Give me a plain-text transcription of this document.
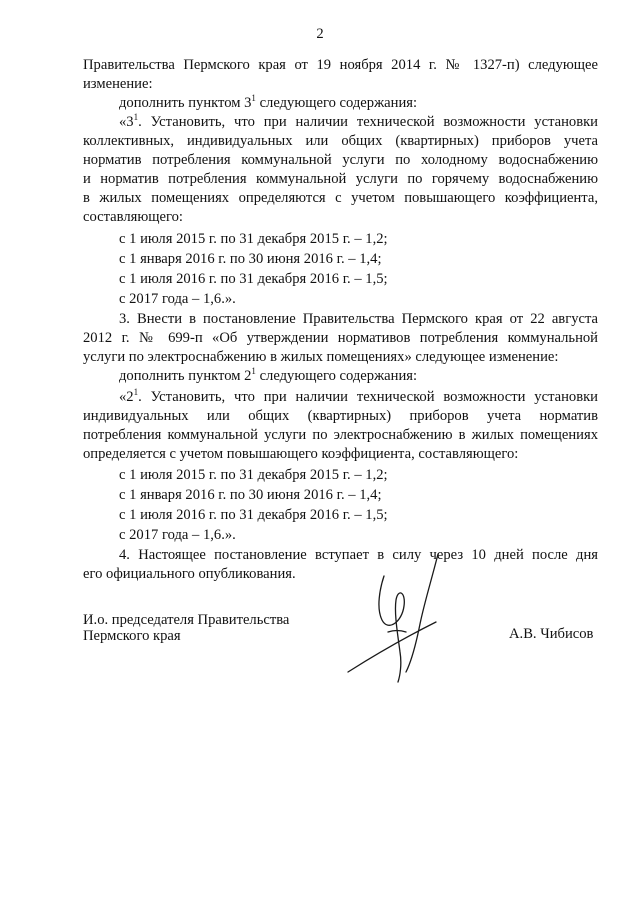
2
Правительства Пермского края от 19 ноября 2014 г. № 1327-п) следующее
изменение:
дополнить пунктом $3^1$ следующего содержания:
«$3^1$. Установить, что при наличии технической возможности установки
коллективных, индивидуальных или общих (квартирных) приборов учета
норматив потребления коммунальной услуги по холодному водоснабжению
и норматив потребления коммунальной услуги по горячему водоснабжению
в жилых помещениях определяются с учетом повышающего коэффициента,
составляющего:
с 1 июля 2015 г. по 31 декабря 2015 г. – 1,2;
с 1 января 2016 г. по 30 июня 2016 г. – 1,4;
с 1 июля 2016 г. по 31 декабря 2016 г. – 1,5;
с 2017 года – 1,6.».
3. Внести в постановление Правительства Пермского края от 22 августа
2012 г. № 699-п «Об утверждении нормативов потребления коммунальной
услуги по электроснабжению в жилых помещениях» следующее изменение:
дополнить пунктом $2^1$ следующего содержания:
«$2^1$. Установить, что при наличии технической возможности установки
индивидуальных или общих (квартирных) приборов учета норматив
потребления коммунальной услуги по электроснабжению в жилых помещениях
определяется с учетом повышающего коэффициента, составляющего:
с 1 июля 2015 г. по 31 декабря 2015 г. – 1,2;
с 1 января 2016 г. по 30 июня 2016 г. – 1,4;
с 1 июля 2016 г. по 31 декабря 2016 г. – 1,5;
с 2017 года – 1,6.».
4. Настоящее постановление вступает в силу через 10 дней после дня
его официального опубликования.
И.о. председателя Правительства
Пермского края	А.В. Чибисов
